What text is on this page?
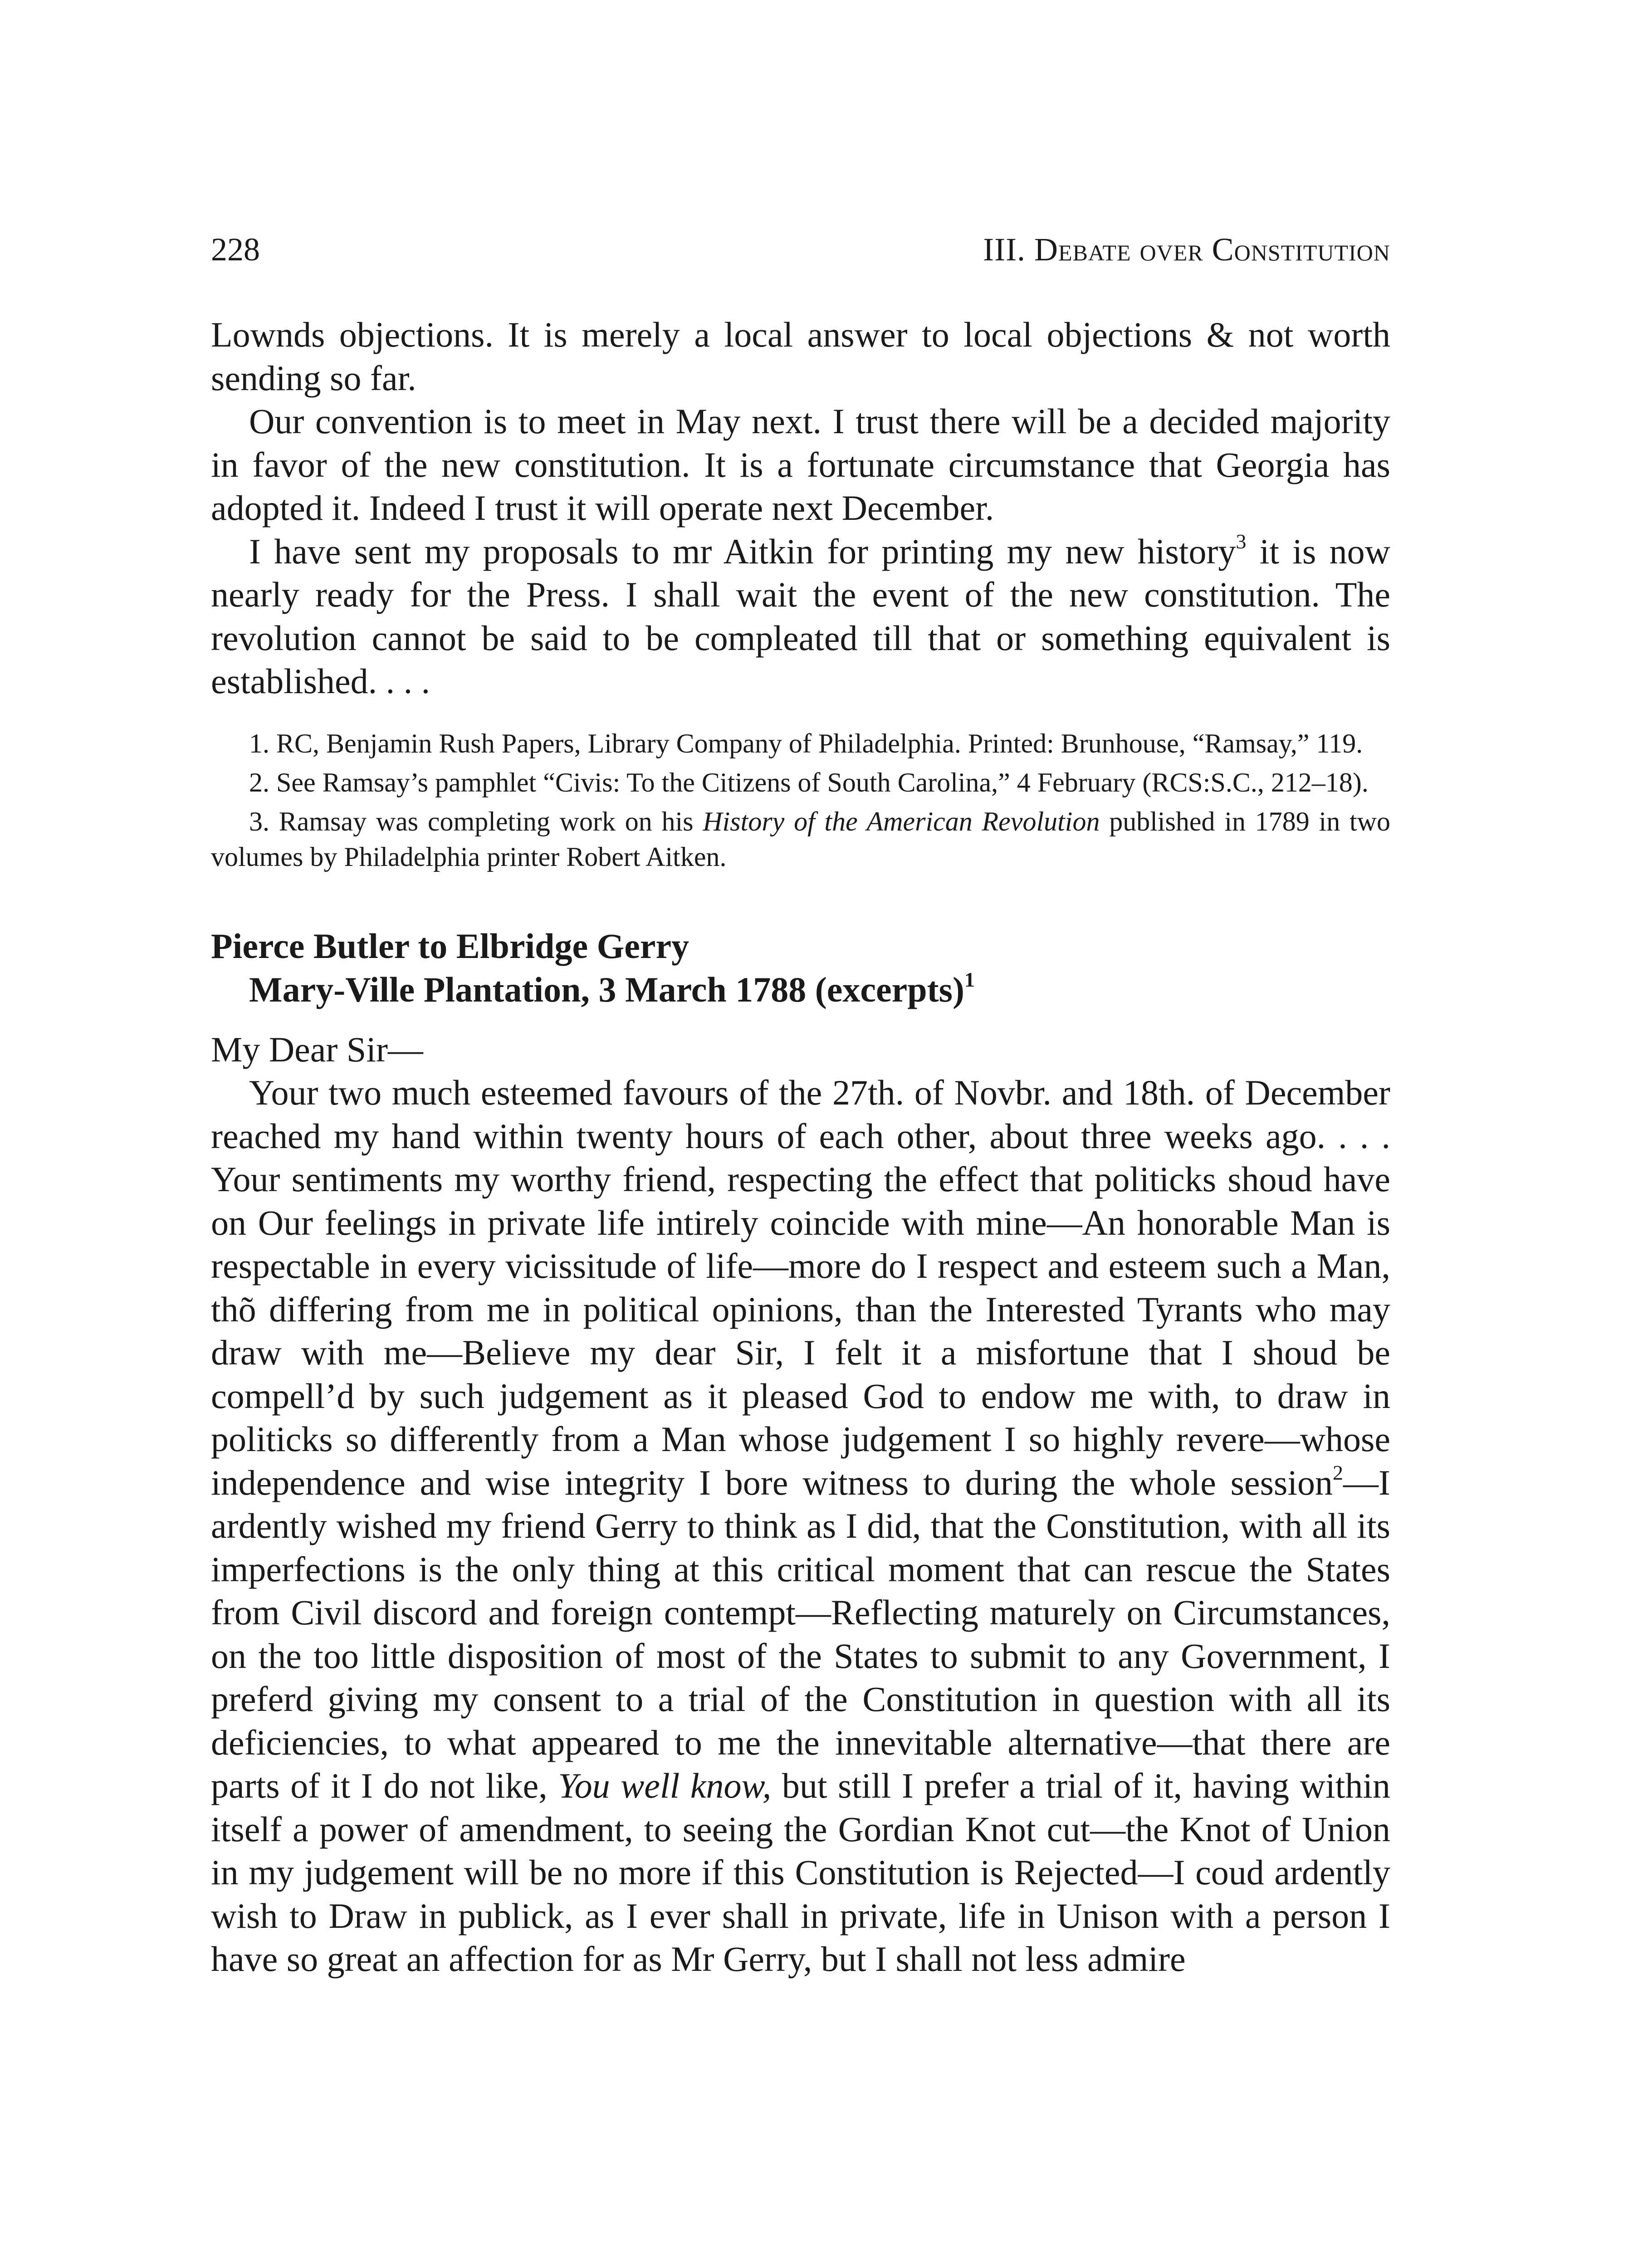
228	III. Debate over Constitution

Lownds objections. It is merely a local answer to local objections & not worth sending so far.

Our convention is to meet in May next. I trust there will be a decided majority in favor of the new constitution. It is a fortunate circumstance that Georgia has adopted it. Indeed I trust it will operate next December.

I have sent my proposals to mr Aitkin for printing my new history$^3$ it is now nearly ready for the Press. I shall wait the event of the new constitution. The revolution cannot be said to be compleated till that or something equivalent is established. . . .

1. RC, Benjamin Rush Papers, Library Company of Philadelphia. Printed: Brunhouse, “Ramsay,” 119.

2. See Ramsay’s pamphlet “Civis: To the Citizens of South Carolina,” 4 February (RCS:S.C., 212–18).

3. Ramsay was completing work on his History of the American Revolution published in 1789 in two volumes by Philadelphia printer Robert Aitken.

Pierce Butler to Elbridge Gerry
Mary-Ville Plantation, 3 March 1788 (excerpts)$^1$

My Dear Sir—

Your two much esteemed favours of the 27th. of Novbr. and 18th. of December reached my hand within twenty hours of each other, about three weeks ago. . . . Your sentiments my worthy friend, respecting the effect that politicks shoud have on Our feelings in private life intirely coincide with mine—An honorable Man is respectable in every vicissitude of life—more do I respect and esteem such a Man, thõ differing from me in political opinions, than the Interested Tyrants who may draw with me—Believe my dear Sir, I felt it a misfortune that I shoud be compell’d by such judgement as it pleased God to endow me with, to draw in politicks so differently from a Man whose judgement I so highly revere—whose independence and wise integrity I bore witness to during the whole session$^2$—I ardently wished my friend Gerry to think as I did, that the Constitution, with all its imperfections is the only thing at this critical moment that can rescue the States from Civil discord and foreign contempt—Reflecting maturely on Circumstances, on the too little disposition of most of the States to submit to any Government, I preferd giving my consent to a trial of the Constitution in question with all its deficiencies, to what appeared to me the innevitable alternative—that there are parts of it I do not like, You well know, but still I prefer a trial of it, having within itself a power of amendment, to seeing the Gordian Knot cut—the Knot of Union in my judgement will be no more if this Constitution is Rejected—I coud ardently wish to Draw in publick, as I ever shall in private, life in Unison with a person I have so great an affection for as Mr Gerry, but I shall not less admire
